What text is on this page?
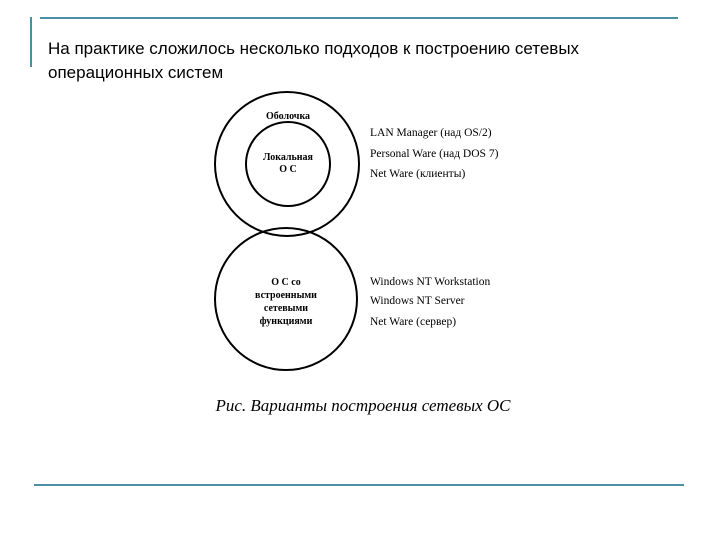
На практике сложилось несколько подходов к построению сетевых операционных систем
Оболочка
Локальная
О С
LAN Manager (над OS/2)
Personal Ware (над DOS 7)
Net Ware (клиенты)
О С со
встроенными
сетевыми
функциями
Windows NT Workstation
Windows NT Server
Net Ware (сервер)
Рис. Варианты построения сетевых ОС
